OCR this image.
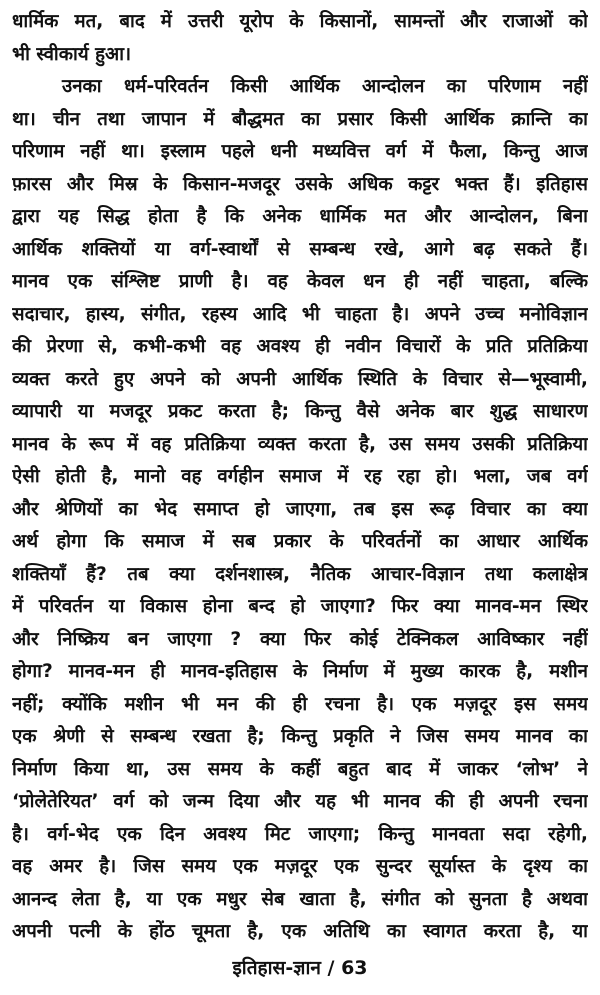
धार्मिक मत, बाद में उत्तरी यूरोप के किसानों, सामन्तों और राजाओं को
भी स्वीकार्य हुआ।
उनका धर्म-परिवर्तन किसी आर्थिक आन्दोलन का परिणाम नहीं
था। चीन तथा जापान में बौद्धमत का प्रसार किसी आर्थिक क्रान्ति का
परिणाम नहीं था। इस्लाम पहले धनी मध्यवित्त वर्ग में फैला, किन्तु आज
फ़ारस और मिस्र के किसान-मजदूर उसके अधिक कट्टर भक्त हैं। इतिहास
द्वारा यह सिद्ध होता है कि अनेक धार्मिक मत और आन्दोलन, बिना
आर्थिक शक्तियों या वर्ग-स्वार्थों से सम्बन्ध रखे, आगे बढ़ सकते हैं।
मानव एक संश्लिष्ट प्राणी है। वह केवल धन ही नहीं चाहता, बल्कि
सदाचार, हास्य, संगीत, रहस्य आदि भी चाहता है। अपने उच्च मनोविज्ञान
की प्रेरणा से, कभी-कभी वह अवश्य ही नवीन विचारों के प्रति प्रतिक्रिया
व्यक्त करते हुए अपने को अपनी आर्थिक स्थिति के विचार से—भूस्वामी,
व्यापारी या मजदूर प्रकट करता है; किन्तु वैसे अनेक बार शुद्ध साधारण
मानव के रूप में वह प्रतिक्रिया व्यक्त करता है, उस समय उसकी प्रतिक्रिया
ऐसी होती है, मानो वह वर्गहीन समाज में रह रहा हो। भला, जब वर्ग
और श्रेणियों का भेद समाप्त हो जाएगा, तब इस रूढ़ विचार का क्या
अर्थ होगा कि समाज में सब प्रकार के परिवर्तनों का आधार आर्थिक
शक्तियाँ हैं? तब क्या दर्शनशास्त्र, नैतिक आचार-विज्ञान तथा कलाक्षेत्र
में परिवर्तन या विकास होना बन्द हो जाएगा? फिर क्या मानव-मन स्थिर
और निष्क्रिय बन जाएगा ? क्या फिर कोई टेक्निकल आविष्कार नहीं
होगा? मानव-मन ही मानव-इतिहास के निर्माण में मुख्य कारक है, मशीन
नहीं; क्योंकि मशीन भी मन की ही रचना है। एक मज़दूर इस समय
एक श्रेणी से सम्बन्ध रखता है; किन्तु प्रकृति ने जिस समय मानव का
निर्माण किया था, उस समय के कहीं बहुत बाद में जाकर ‘लोभ’ ने
‘प्रोलेतेरियत’ वर्ग को जन्म दिया और यह भी मानव की ही अपनी रचना
है। वर्ग-भेद एक दिन अवश्य मिट जाएगा; किन्तु मानवता सदा रहेगी,
वह अमर है। जिस समय एक मज़दूर एक सुन्दर सूर्यास्त के दृश्य का
आनन्द लेता है, या एक मधुर सेब खाता है, संगीत को सुनता है अथवा
अपनी पत्नी के होंठ चूमता है, एक अतिथि का स्वागत करता है, या
इतिहास-ज्ञान / 63
